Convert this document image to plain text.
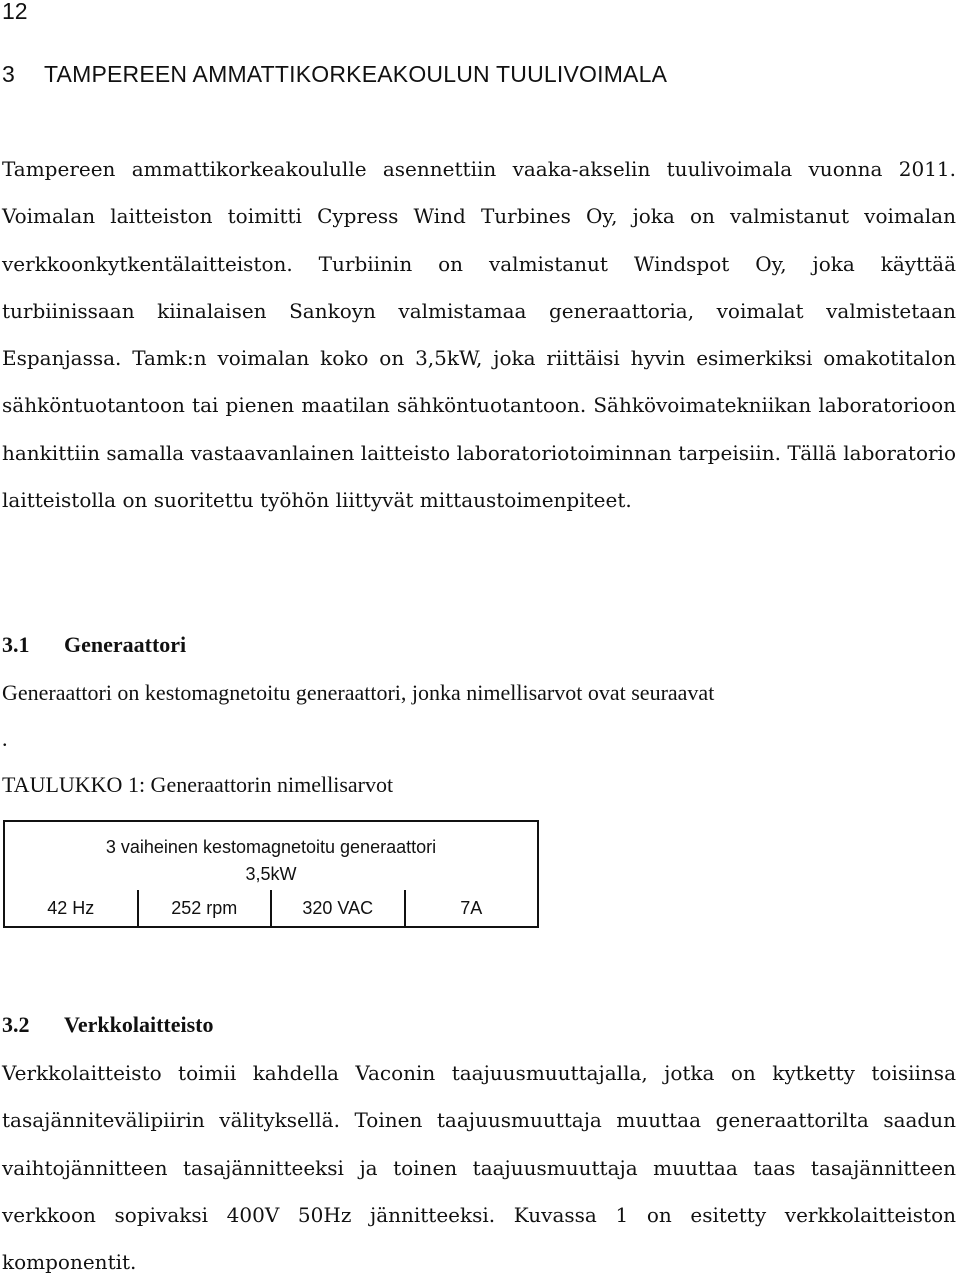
12
3 TAMPEREEN AMMATTIKORKEAKOULUN TUULIVOIMALA

Tampereen ammattikorkeakoululle asennettiin vaaka-akselin tuulivoimala vuonna 2011. Voimalan laitteiston toimitti Cypress Wind Turbines Oy, joka on valmistanut voimalan verkkoonkytkentälaitteiston. Turbiinin on valmistanut Windspot Oy, joka käyttää turbiinissaan kiinalaisen Sankoyn valmistamaa generaattoria, voimalat valmistetaan Espanjassa. Tamk:n voimalan koko on 3,5kW, joka riittäisi hyvin esimerkiksi omakotitalon sähköntuotantoon tai pienen maatilan sähköntuotantoon. Sähkövoimatekniikan laboratorioon hankittiin samalla vastaavanlainen laitteisto laboratoriotoiminnan tarpeisiin. Tällä laboratorio laitteistolla on suoritettu työhön liittyvät mittaustoimenpiteet.

3.1 Generaattori

Generaattori on kestomagnetoitu generaattori, jonka nimellisarvot ovat seuraavat

.

TAULUKKO 1: Generaattorin nimellisarvot

3 vaiheinen kestomagnetoitu generaattori
3,5kW
42 Hz	252 rpm	320 VAC	7A
3.2 Verkkolaitteisto

Verkkolaitteisto toimii kahdella Vaconin taajuusmuuttajalla, jotka on kytketty toisiinsa tasajännitevälipiirin välityksellä. Toinen taajuusmuuttaja muuttaa generaattorilta saadun vaihtojännitteen tasajännitteeksi ja toinen taajuusmuuttaja muuttaa taas tasajännitteen verkkoon sopivaksi 400V 50Hz jännitteeksi. Kuvassa 1 on esitetty verkkolaitteiston komponentit.
